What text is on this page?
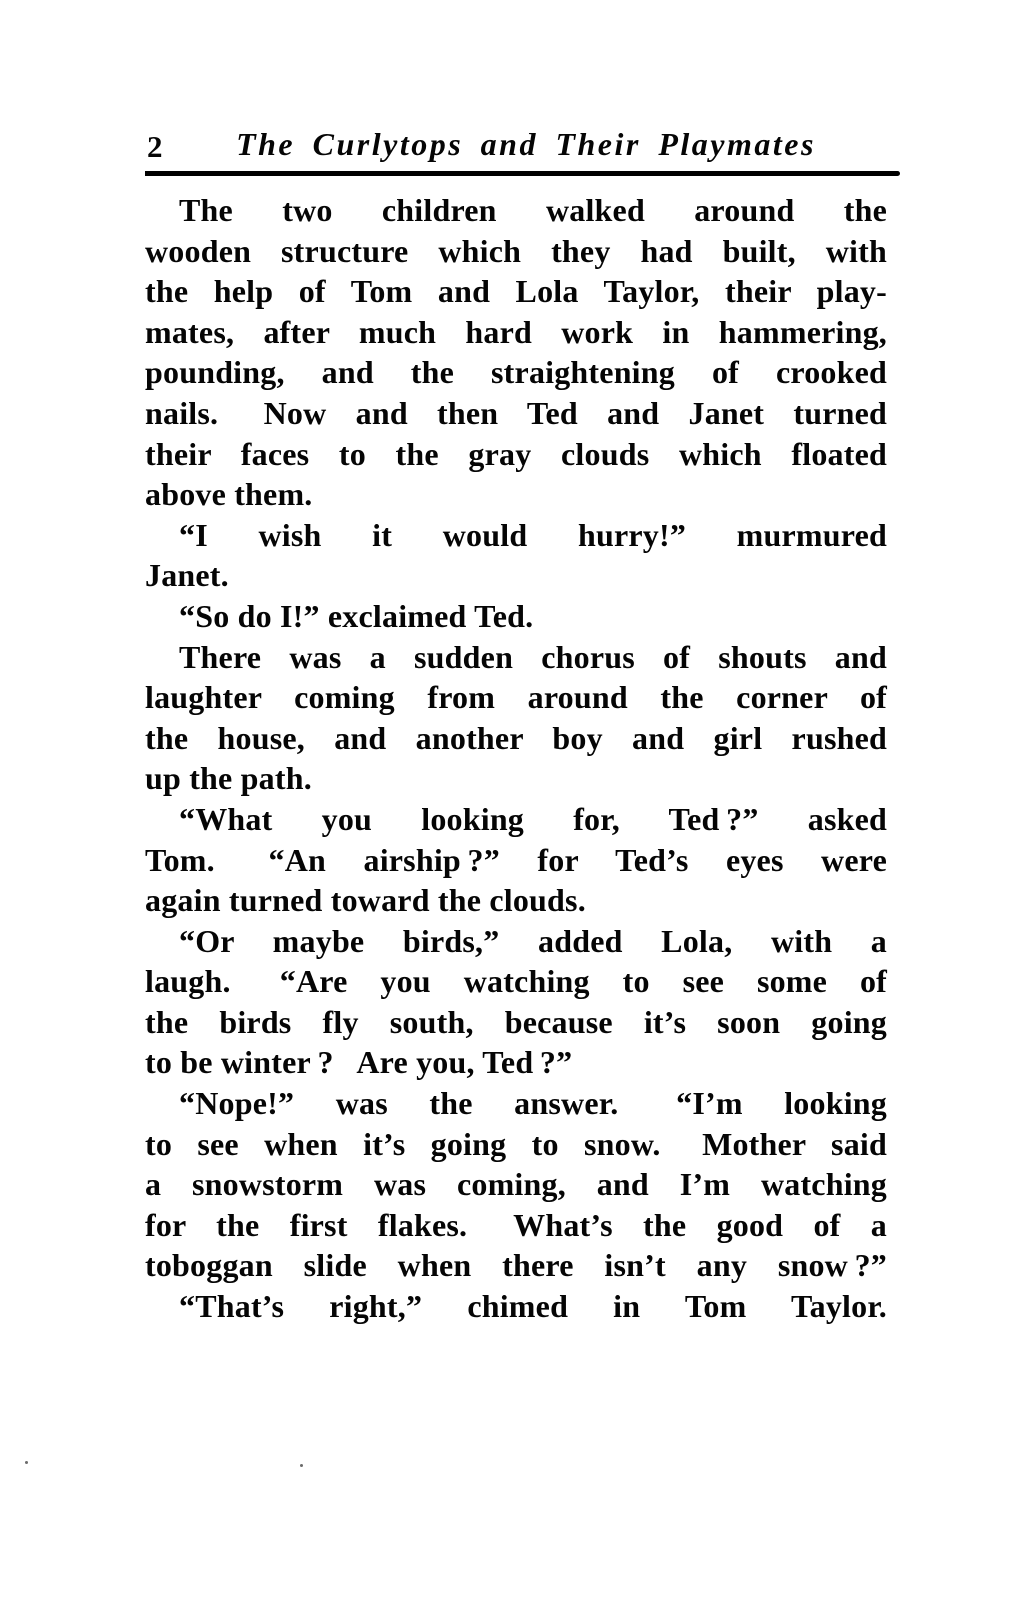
2	The Curlytops and Their Playmates
The two children walked around the
wooden structure which they had built, with
the help of Tom and Lola Taylor, their play-
mates, after much hard work in hammering,
pounding, and the straightening of crooked
nails.  Now and then Ted and Janet turned
their faces to the gray clouds which floated
above them.
“I wish it would hurry!” murmured
Janet.
“So do I!” exclaimed Ted.
There was a sudden chorus of shouts and
laughter coming from around the corner of
the house, and another boy and girl rushed
up the path.
“What you looking for, Ted ?” asked
Tom.  “An airship ?” for Ted’s eyes were
again turned toward the clouds.
“Or maybe birds,” added Lola, with a
laugh.  “Are you watching to see some of
the birds fly south, because it’s soon going
to be winter ?  Are you, Ted ?”
“Nope!” was the answer.  “I’m looking
to see when it’s going to snow.  Mother said
a snowstorm was coming, and I’m watching
for the first flakes.  What’s the good of a
toboggan slide when there isn’t any snow ?”
“That’s right,” chimed in Tom Taylor.
